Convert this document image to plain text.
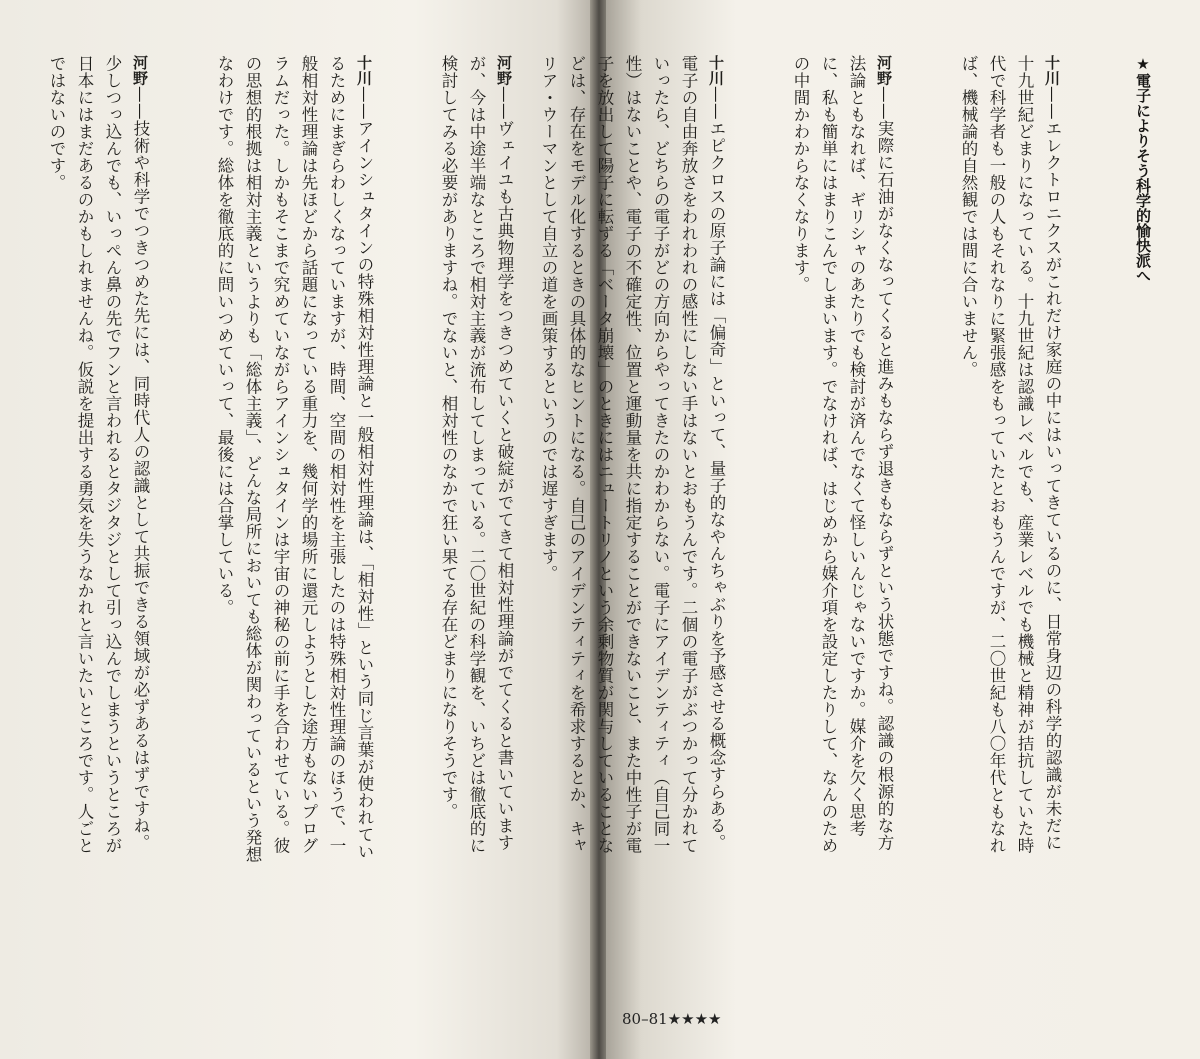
河野——ヴェイユも古典物理学をつきつめていくと破綻がでてきて相対性理論がでてくると書いていますが、今は中途半端なところで相対主義が流布してしまっている。二〇世紀の科学観を、いちどは徹底的に検討してみる必要がありますね。でないと、相対性のなかで狂い果てる存在どまりになりそうです。

十川——アインシュタインの特殊相対性理論と一般相対性理論は、「相対性」という同じ言葉が使われているためにまぎらわしくなっていますが、時間、空間の相対性を主張したのは特殊相対性理論のほうで、一般相対性理論は先ほどから話題になっている重力を、幾何学的場所に還元しようとした途方もないプログラムだった。しかもそこまで究めていながらアインシュタインは宇宙の神秘の前に手を合わせている。彼の思想的根拠は相対主義というよりも「総体主義」、どんな局所においても総体が関わっているという発想なわけです。総体を徹底的に問いつめていって、最後には合掌している。

河野——技術や科学でつきつめた先には、同時代人の認識として共振できる領域が必ずあるはずですね。少しつっ込んでも、いっぺん鼻の先でフンと言われるとタジタジとして引っ込んでしまうというところが日本にはまだあるのかもしれませんね。仮説を提出する勇気を失うなかれと言いたいところです。人ごとではないのです。

	★電子によりそう科学的愉快派へ

十川——エレクトロニクスがこれだけ家庭の中にはいってきているのに、日常身辺の科学的認識が未だに十九世紀どまりになっている。十九世紀は認識レベルでも、産業レベルでも機械と精神が拮抗していた時代で科学者も一般の人もそれなりに緊張感をもっていたとおもうんですが、二〇世紀も八〇年代ともなれば、機械論的自然観では間に合いません。

河野——実際に石油がなくなってくると進みもならず退きもならずという状態ですね。認識の根源的な方法論ともなれば、ギリシャのあたりでも検討が済んでなくて怪しいんじゃないですか。媒介を欠く思考に、私も簡単にはまりこんでしまいます。でなければ、はじめから媒介項を設定したりして、なんのための中間かわからなくなります。

十川——エピクロスの原子論には「偏奇」といって、量子的なやんちゃぶりを予感させる概念すらある。電子の自由奔放さをわれわれの感性にしない手はないとおもうんです。二個の電子がぶつかって分かれていったら、どちらの電子がどの方向からやってきたのかわからない。電子にアイデンティティ（自己同一性）はないことや、電子の不確定性、位置と運動量を共に指定することができないこと、また中性子が電子を放出して陽子に転ずる「ベータ崩壊」のときにはニュートリノという余剰物質が関与していることなどは、存在をモデル化するときの具体的なヒントになる。自己のアイデンティティを希求するとか、キャリア・ウーマンとして自立の道を画策するというのでは遅すぎます。

80–81★★★★
